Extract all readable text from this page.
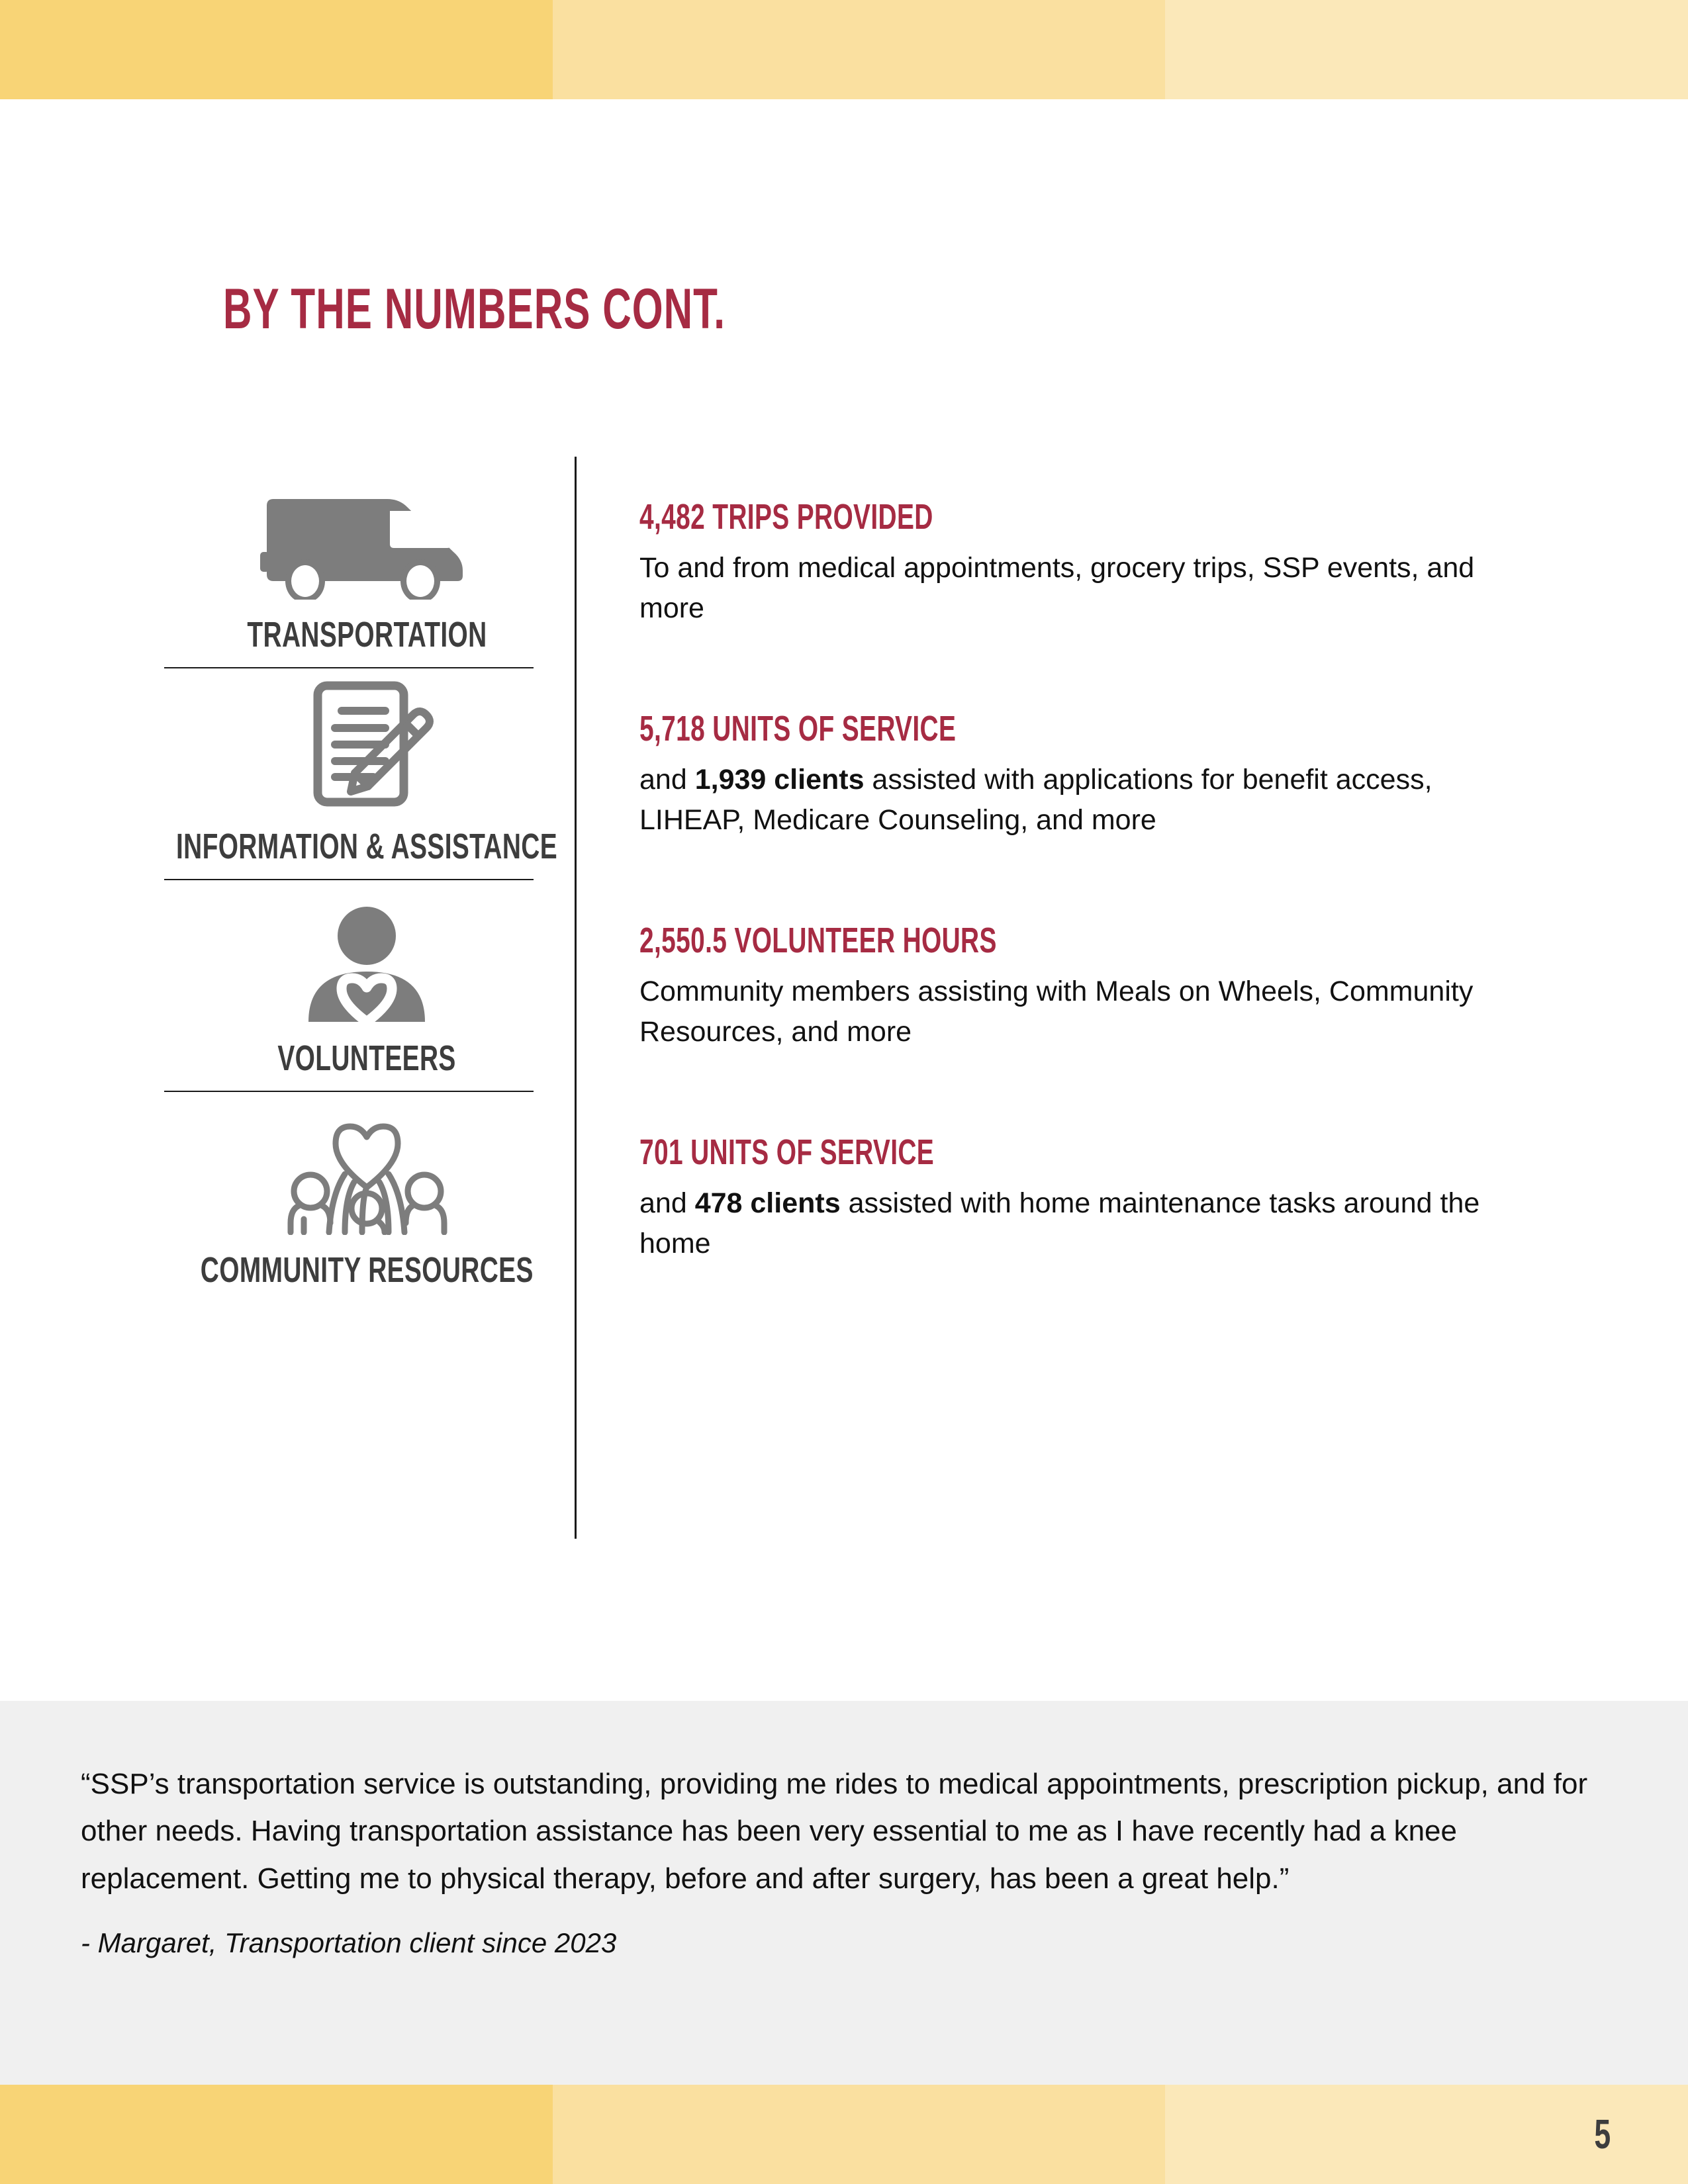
BY THE NUMBERS CONT.
TRANSPORTATION
4,482 TRIPS PROVIDED
To and from medical appointments, grocery trips, SSP events, and more
INFORMATION & ASSISTANCE
5,718 UNITS OF SERVICE
and 1,939 clients assisted with applications for benefit access, LIHEAP, Medicare Counseling, and more
VOLUNTEERS
2,550.5 VOLUNTEER HOURS
Community members assisting with Meals on Wheels, Community Resources, and more
COMMUNITY RESOURCES
701 UNITS OF SERVICE
and 478 clients assisted with home maintenance tasks around the home
“SSP’s transportation service is outstanding, providing me rides to medical appointments, prescription pickup, and for other needs. Having transportation assistance has been very essential to me as I have recently had a knee replacement. Getting me to physical therapy, before and after surgery, has been a great help.”
- Margaret, Transportation client since 2023
5
